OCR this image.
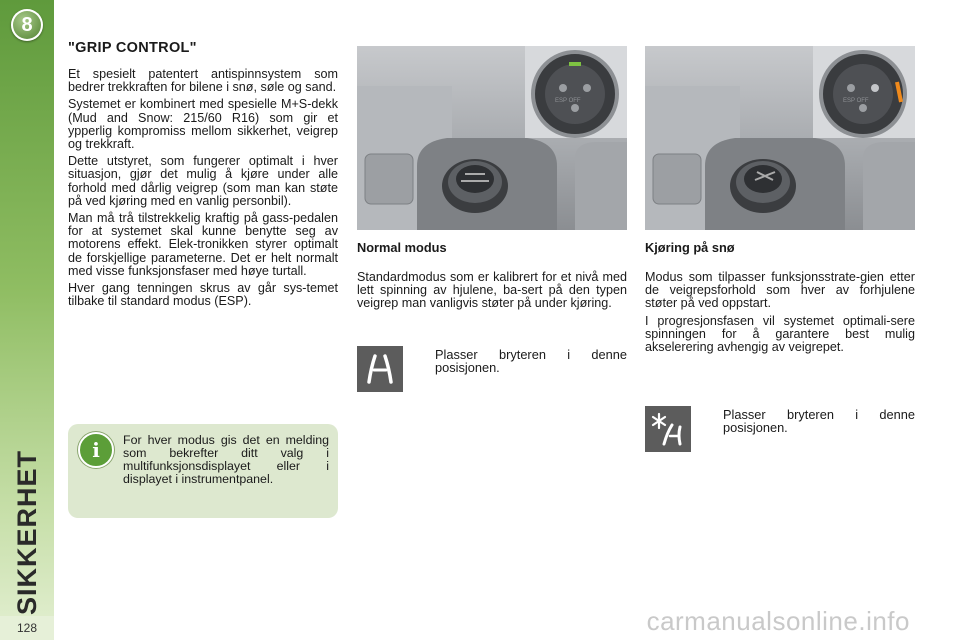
8
SIKKERHET
128
"GRIP CONTROL"

Et spesielt patentert antispinnsystem som bedrer trekkraften for bilene i snø, søle og sand.

Systemet er kombinert med spesielle M+S-dekk (Mud and Snow: 215/60 R16) som gir et ypperlig kompromiss mellom sikkerhet, veigrep og trekkraft.

Dette utstyret, som fungerer optimalt i hver situasjon, gjør det mulig å kjøre under alle forhold med dårlig veigrep (som man kan støte på ved kjøring med en vanlig personbil).

Man må trå tilstrekkelig kraftig på gass-pedalen for at systemet skal kunne benytte seg av motorens effekt. Elek-tronikken styrer optimalt de forskjellige parameterne. Det er helt normalt med visse funksjonsfaser med høye turtall.

Hver gang tenningen skrus av går sys-temet tilbake til standard modus (ESP).

i	For hver modus gis det en melding som bekrefter ditt valg i multifunksjonsdisplayet eller i displayet i instrumentpanel.
ESP OFF	ESP OFF
Normal modus

Standardmodus som er kalibrert for et nivå med lett spinning av hjulene, ba-sert på den typen veigrep man vanligvis støter på under kjøring.

Kjøring på snø

Modus som tilpasser funksjonsstrate-gien etter de veigrepsforhold som hver av forhjulene støter på ved oppstart.

I progresjonsfasen vil systemet optimali-sere spinningen for å garantere best mulig akselerering avhengig av veigrepet.

Plasser bryteren i denne posisjonen.
Plasser bryteren i denne posisjonen.
carmanualsonline.info
